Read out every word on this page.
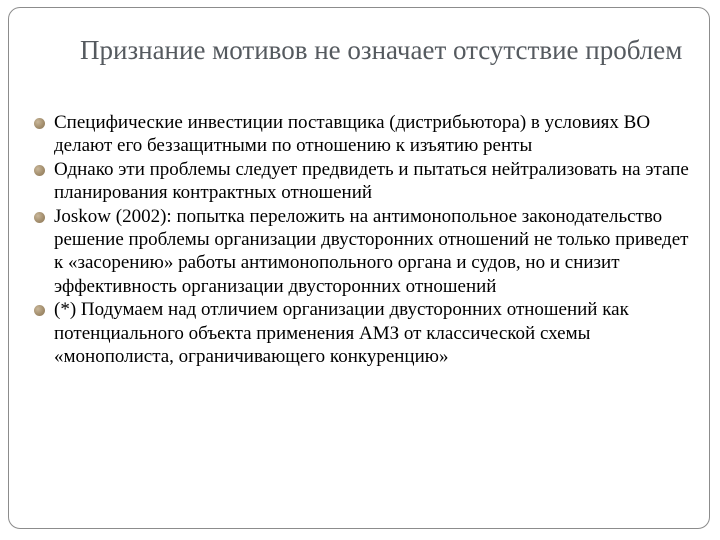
Признание мотивов не означает отсутствие проблем
Специфические инвестиции поставщика (дистрибьютора) в условиях ВО делают его беззащитными по отношению к изъятию ренты
Однако эти проблемы следует предвидеть и пытаться нейтрализовать на этапе планирования контрактных отношений
Joskow (2002): попытка переложить на антимонопольное законодательство решение проблемы организации двусторонних отношений не только приведет к «засорению» работы антимонопольного органа и судов, но и снизит эффективность организации двусторонних отношений
(*) Подумаем над отличием организации двусторонних отношений как потенциального объекта применения АМЗ от классической схемы «монополиста, ограничивающего конкуренцию»
